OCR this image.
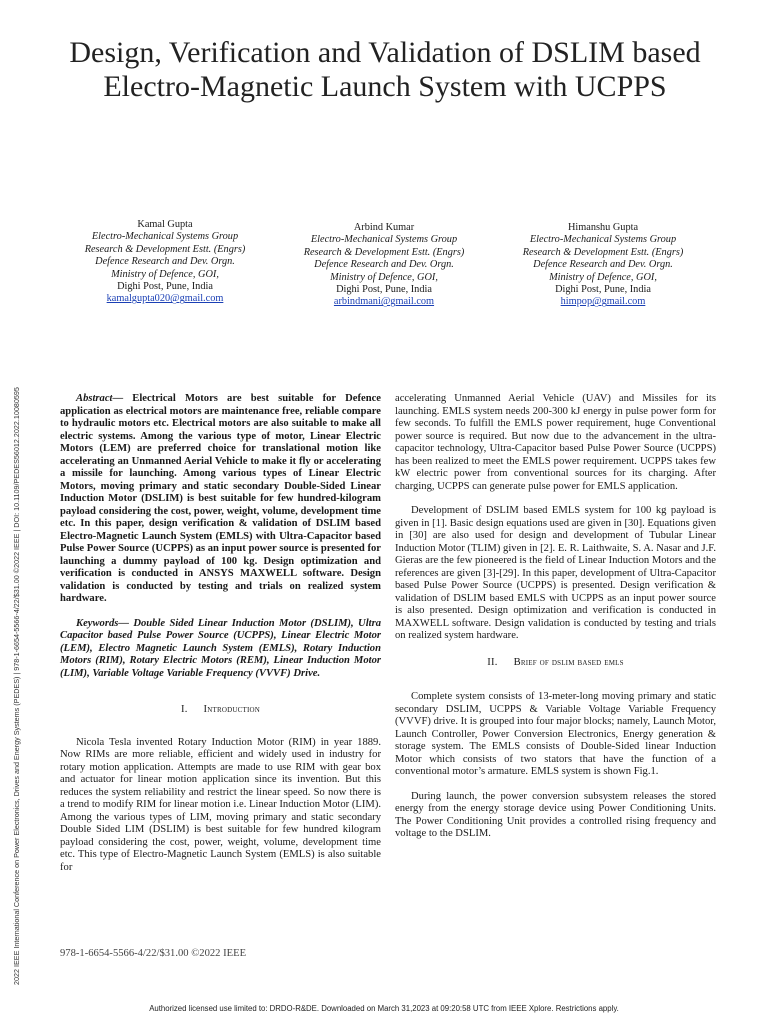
2022 IEEE International Conference on Power Electronics, Drives and Energy Systems (PEDES) | 978-1-6654-5566-4/22/$31.00 ©2022 IEEE | DOI: 10.1109/PEDES56012.2022.10080595
Design, Verification and Validation of DSLIM based Electro-Magnetic Launch System with UCPPS
Kamal Gupta
Electro-Mechanical Systems Group
Research & Development Estt. (Engrs)
Defence Research and Dev. Orgn.
Ministry of Defence, GOI,
Dighi Post, Pune, India
kamalgupta020@gmail.com
Arbind Kumar
Electro-Mechanical Systems Group
Research & Development Estt. (Engrs)
Defence Research and Dev. Orgn.
Ministry of Defence, GOI,
Dighi Post, Pune, India
arbindmani@gmail.com
Himanshu Gupta
Electro-Mechanical Systems Group
Research & Development Estt. (Engrs)
Defence Research and Dev. Orgn.
Ministry of Defence, GOI,
Dighi Post, Pune, India
himpop@gmail.com

Abstract— Electrical Motors are best suitable for Defence application as electrical motors are maintenance free, reliable compare to hydraulic motors etc. Electrical motors are also suitable to make all electric systems. Among the various type of motor, Linear Electric Motors (LEM) are preferred choice for translational motion like accelerating an Unmanned Aerial Vehicle to make it fly or accelerating a missile for launching. Among various types of Linear Electric Motors, moving primary and static secondary Double-Sided Linear Induction Motor (DSLIM) is best suitable for few hundred-kilogram payload considering the cost, power, weight, volume, development time etc. In this paper, design verification & validation of DSLIM based Electro-Magnetic Launch System (EMLS) with Ultra-Capacitor based Pulse Power Source (UCPPS) as an input power source is presented for launching a dummy payload of 100 kg. Design optimization and verification is conducted in ANSYS MAXWELL software. Design validation is conducted by testing and trials on realized system hardware.

Keywords— Double Sided Linear Induction Motor (DSLIM), Ultra Capacitor based Pulse Power Source (UCPPS), Linear Electric Motor (LEM), Electro Magnetic Launch System (EMLS), Rotary Induction Motors (RIM), Rotary Electric Motors (REM), Linear Induction Motor (LIM), Variable Voltage Variable Frequency (VVVF) Drive.

I. Introduction

Nicola Tesla invented Rotary Induction Motor (RIM) in year 1889. Now RIMs are more reliable, efficient and widely used in industry for rotary motion application. Attempts are made to use RIM with gear box and actuator for linear motion application since its invention. But this reduces the system reliability and restrict the linear speed. So now there is a trend to modify RIM for linear motion i.e. Linear Induction Motor (LIM). Among the various types of LIM, moving primary and static secondary Double Sided LIM (DSLIM) is best suitable for few hundred kilogram payload considering the cost, power, weight, volume, development time etc. This type of Electro-Magnetic Launch System (EMLS) is also suitable for

accelerating Unmanned Aerial Vehicle (UAV) and Missiles for its launching. EMLS system needs 200-300 kJ energy in pulse power form for few seconds. To fulfill the EMLS power requirement, huge Conventional power source is required. But now due to the advancement in the ultra-capacitor technology, Ultra-Capacitor based Pulse Power Source (UCPPS) has been realized to meet the EMLS power requirement. UCPPS takes few kW electric power from conventional sources for its charging. After charging, UCPPS can generate pulse power for EMLS application.

Development of DSLIM based EMLS system for 100 kg payload is given in [1]. Basic design equations used are given in [30]. Equations given in [30] are also used for design and development of Tubular Linear Induction Motor (TLIM) given in [2]. E. R. Laithwaite, S. A. Nasar and J.F. Gieras are the few pioneered is the field of Linear Induction Motors and the references are given [3]-[29]. In this paper, development of Ultra-Capacitor based Pulse Power Source (UCPPS) is presented. Design verification & validation of DSLIM based EMLS with UCPPS as an input power source is also presented. Design optimization and verification is conducted in MAXWELL software. Design validation is conducted by testing and trials on realized system hardware.

II. Brief of dslim based emls

Complete system consists of 13-meter-long moving primary and static secondary DSLIM, UCPPS & Variable Voltage Variable Frequency (VVVF) drive. It is grouped into four major blocks; namely, Launch Motor, Launch Controller, Power Conversion Electronics, Energy generation & storage system. The EMLS consists of Double-Sided linear Induction Motor which consists of two stators that have the function of a conventional motor’s armature. EMLS system is shown Fig.1.

During launch, the power conversion subsystem releases the stored energy from the energy storage device using Power Conditioning Units. The Power Conditioning Unit provides a controlled rising frequency and voltage to the DSLIM.

978-1-6654-5566-4/22/$31.00 ©2022 IEEE
Authorized licensed use limited to: DRDO-R&DE. Downloaded on March 31,2023 at 09:20:58 UTC from IEEE Xplore. Restrictions apply.
